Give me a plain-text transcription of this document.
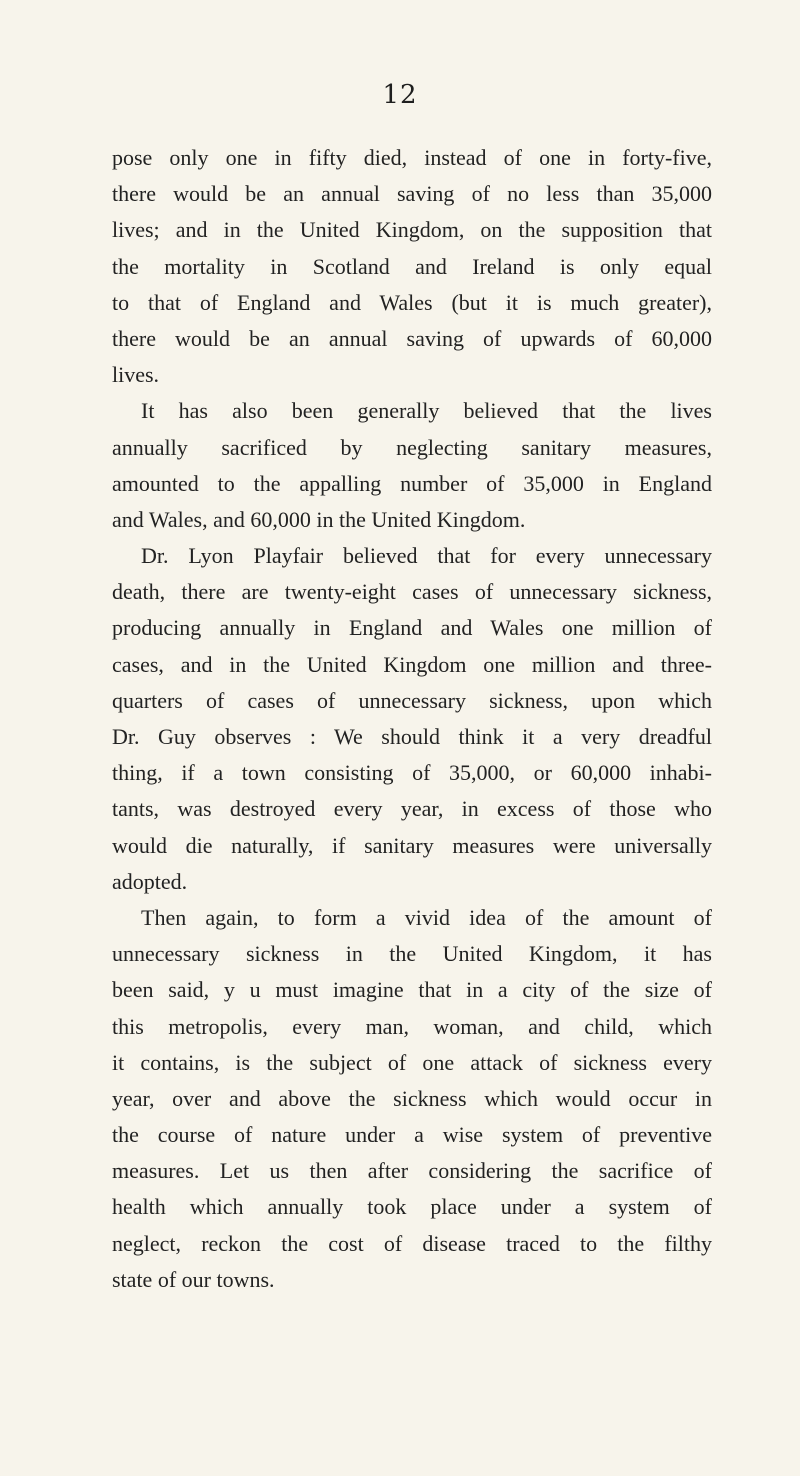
12
pose only one in fifty died, instead of one in forty-five,
there would be an annual saving of no less than 35,000
lives; and in the United Kingdom, on the supposition that
the mortality in Scotland and Ireland is only equal
to that of England and Wales (but it is much greater),
there would be an annual saving of upwards of 60,000
lives.
It has also been generally believed that the lives
annually sacrificed by neglecting sanitary measures,
amounted to the appalling number of 35,000 in England
and Wales, and 60,000 in the United Kingdom.
Dr. Lyon Playfair believed that for every unnecessary
death, there are twenty-eight cases of unnecessary sickness,
producing annually in England and Wales one million of
cases, and in the United Kingdom one million and three-
quarters of cases of unnecessary sickness, upon which
Dr. Guy observes : We should think it a very dreadful
thing, if a town consisting of 35,000, or 60,000 inhabi-
tants, was destroyed every year, in excess of those who
would die naturally, if sanitary measures were universally
adopted.
Then again, to form a vivid idea of the amount of
unnecessary sickness in the United Kingdom, it has
been said, y u must imagine that in a city of the size of
this metropolis, every man, woman, and child, which
it contains, is the subject of one attack of sickness every
year, over and above the sickness which would occur in
the course of nature under a wise system of preventive
measures. Let us then after considering the sacrifice of
health which annually took place under a system of
neglect, reckon the cost of disease traced to the filthy
state of our towns.
